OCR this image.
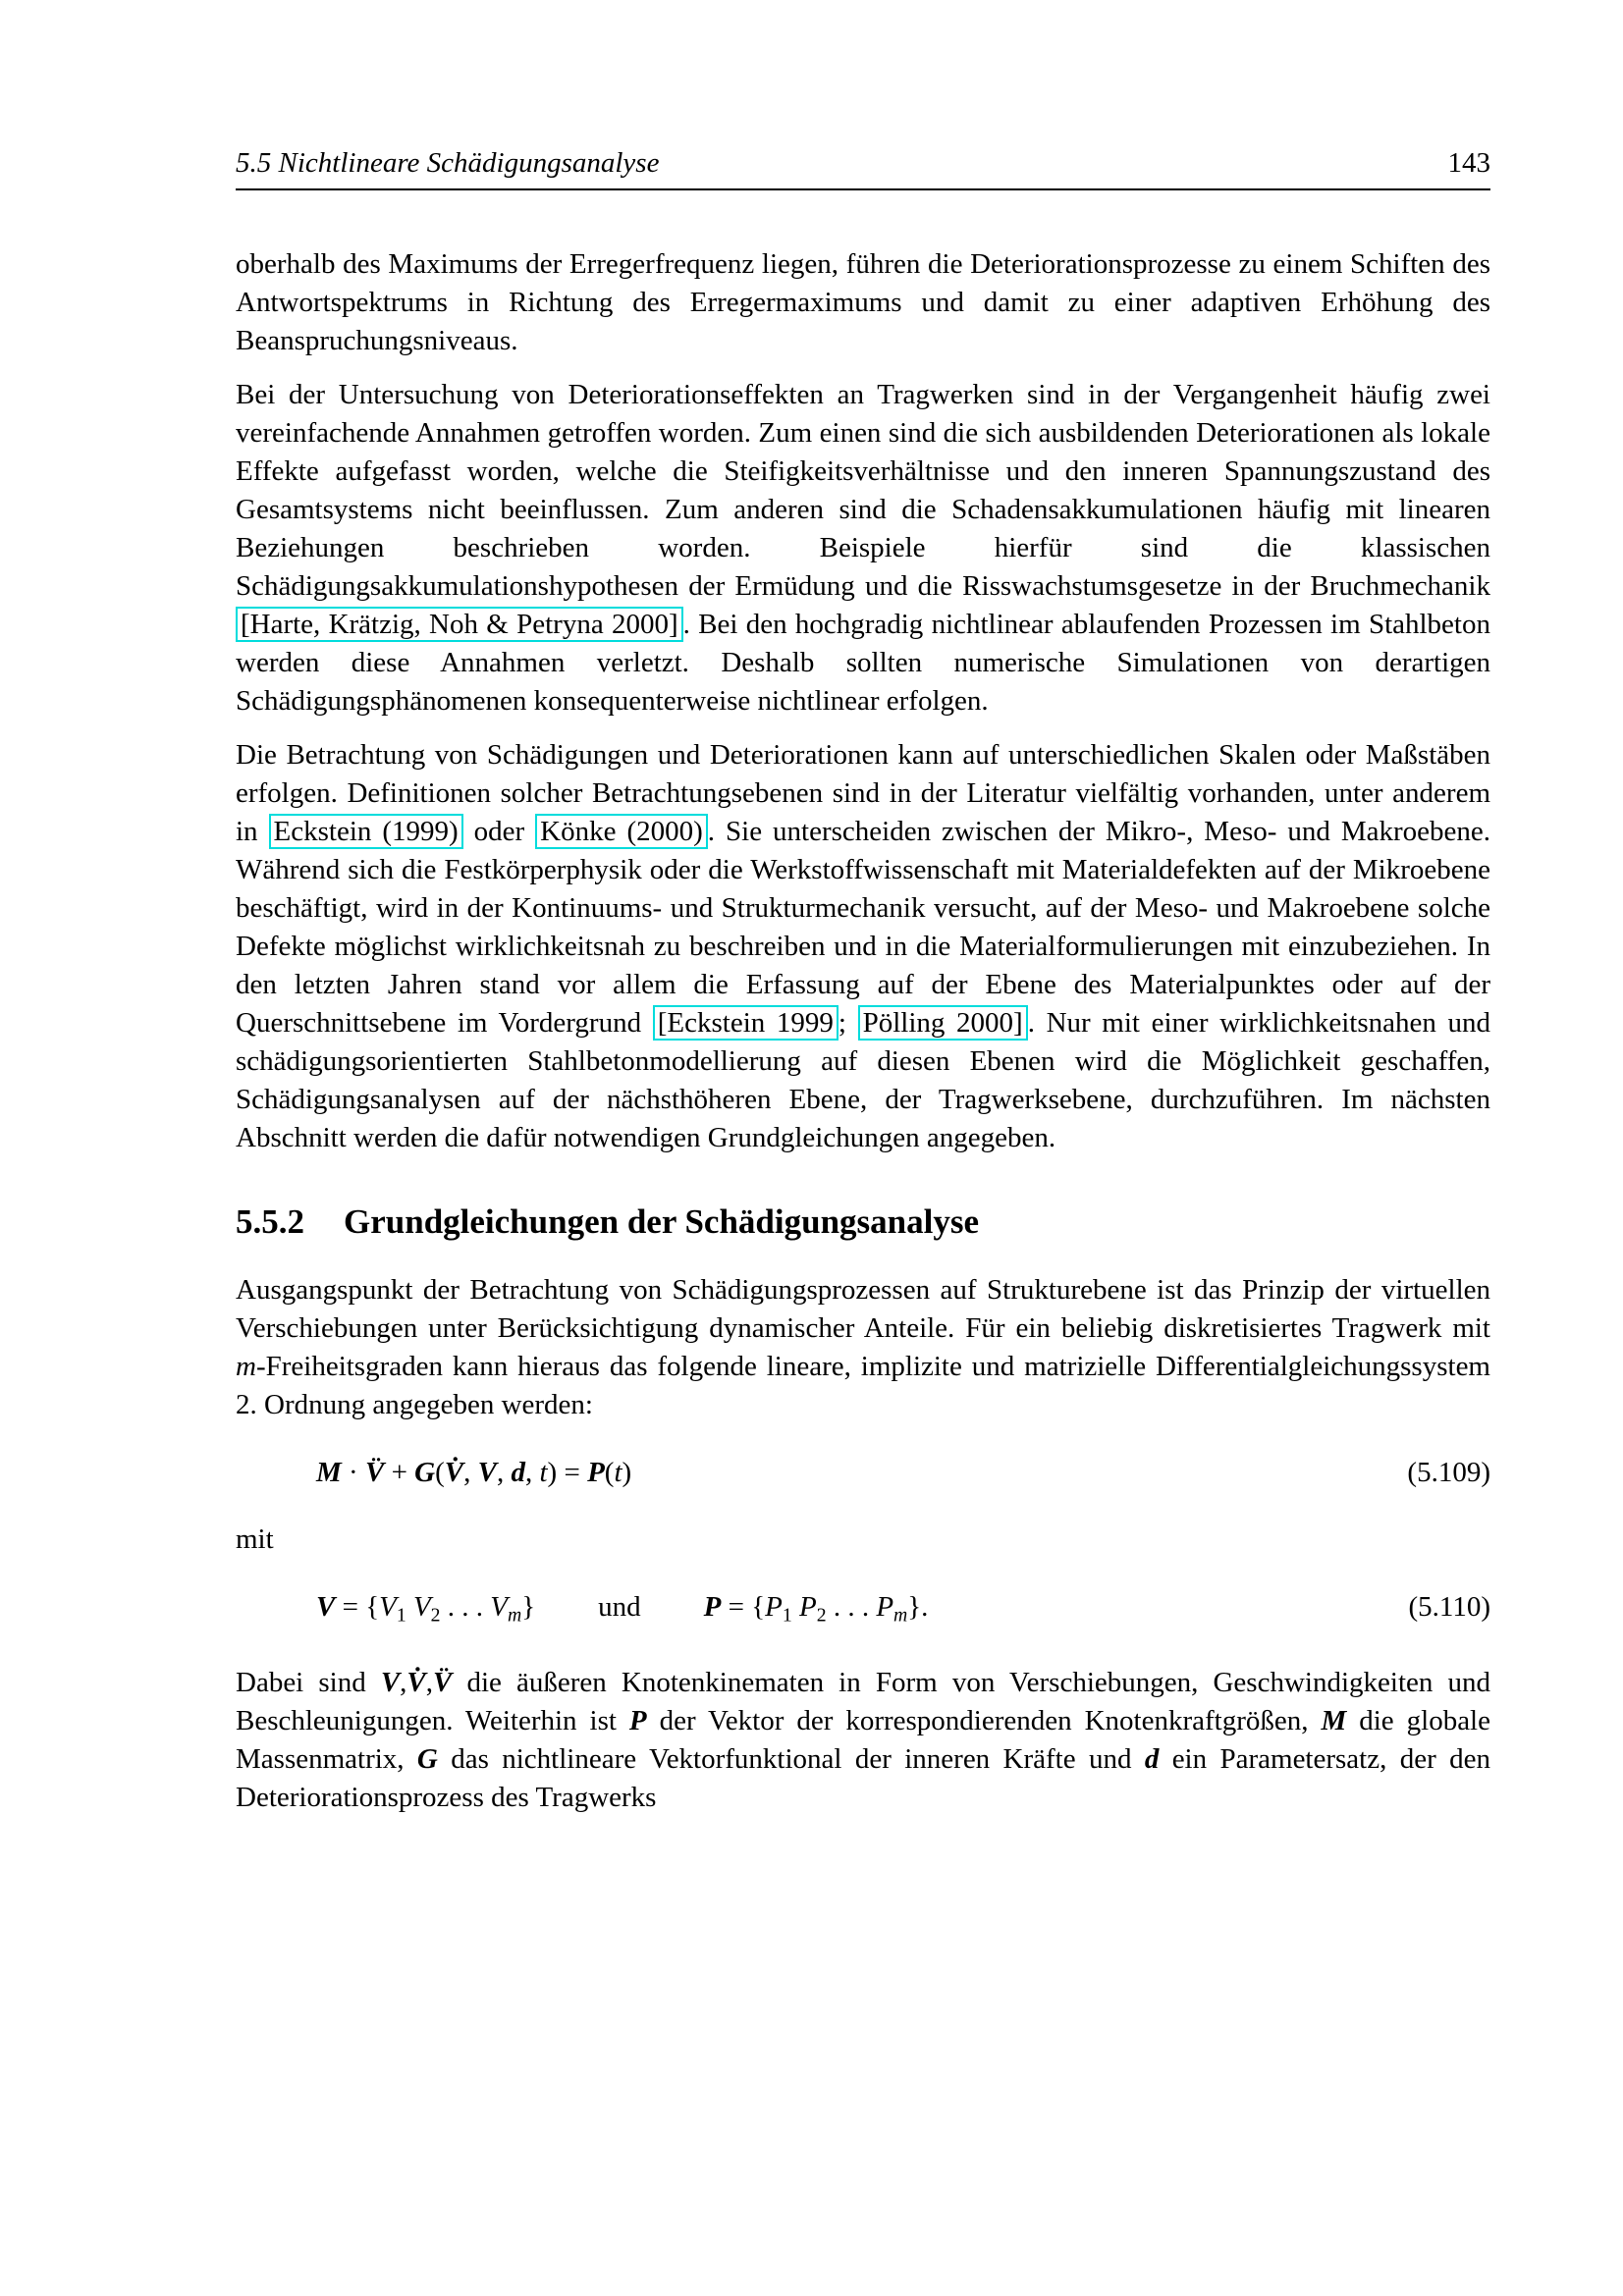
5.5 Nichtlineare Schädigungsanalyse	143

oberhalb des Maximums der Erregerfrequenz liegen, führen die Deteriorationsprozesse zu einem Schiften des Antwortspektrums in Richtung des Erregermaximums und damit zu einer adaptiven Erhöhung des Beanspruchungsniveaus.

Bei der Untersuchung von Deteriorationseffekten an Tragwerken sind in der Vergangenheit häufig zwei vereinfachende Annahmen getroffen worden. Zum einen sind die sich ausbildenden Deteriorationen als lokale Effekte aufgefasst worden, welche die Steifigkeitsverhältnisse und den inneren Spannungszustand des Gesamtsystems nicht beeinflussen. Zum anderen sind die Schadensakkumulationen häufig mit linearen Beziehungen beschrieben worden. Beispiele hierfür sind die klassischen Schädigungsakkumulationshypothesen der Ermüdung und die Risswachstumsgesetze in der Bruchmechanik [Harte, Krätzig, Noh & Petryna 2000] . Bei den hochgradig nichtlinear ablaufenden Prozessen im Stahlbeton werden diese Annahmen verletzt. Deshalb sollten numerische Simulationen von derartigen Schädigungsphänomenen konsequenterweise nichtlinear erfolgen.

Die Betrachtung von Schädigungen und Deteriorationen kann auf unterschiedlichen Skalen oder Maßstäben erfolgen. Definitionen solcher Betrachtungsebenen sind in der Literatur vielfältig vorhanden, unter anderem in Eckstein (1999) oder Könke (2000) . Sie unterscheiden zwischen der Mikro-, Meso- und Makroebene. Während sich die Festkörperphysik oder die Werkstoffwissenschaft mit Materialdefekten auf der Mikroebene beschäftigt, wird in der Kontinuums- und Strukturmechanik versucht, auf der Meso- und Makroebene solche Defekte möglichst wirklichkeitsnah zu beschreiben und in die Materialformulierungen mit einzubeziehen. In den letzten Jahren stand vor allem die Erfassung auf der Ebene des Materialpunktes oder auf der Querschnittsebene im Vordergrund [Eckstein 1999 ; Pölling 2000] . Nur mit einer wirklichkeitsnahen und schädigungsorientierten Stahlbetonmodellierung auf diesen Ebenen wird die Möglichkeit geschaffen, Schädigungsanalysen auf der nächsthöheren Ebene, der Tragwerksebene, durchzuführen. Im nächsten Abschnitt werden die dafür notwendigen Grundgleichungen angegeben.

5.5.2 Grundgleichungen der Schädigungsanalyse

Ausgangspunkt der Betrachtung von Schädigungsprozessen auf Strukturebene ist das Prinzip der virtuellen Verschiebungen unter Berücksichtigung dynamischer Anteile. Für ein beliebig diskretisiertes Tragwerk mit m-Freiheitsgraden kann hieraus das folgende lineare, implizite und matrizielle Differentialgleichungssystem 2. Ordnung angegeben werden:

M · V̈ + G(V̇, V, d, t) = P(t)	(5.109)

mit

V = {V1 V2 . . . Vm} und P = {P1 P2 . . . Pm}.	(5.110)

Dabei sind V,V̇,V̈ die äußeren Knotenkinematen in Form von Verschiebungen, Geschwindigkeiten und Beschleunigungen. Weiterhin ist P der Vektor der korrespondierenden Knotenkraftgrößen, M die globale Massenmatrix, G das nichtlineare Vektorfunktional der inneren Kräfte und d ein Parametersatz, der den Deteriorationsprozess des Tragwerks
